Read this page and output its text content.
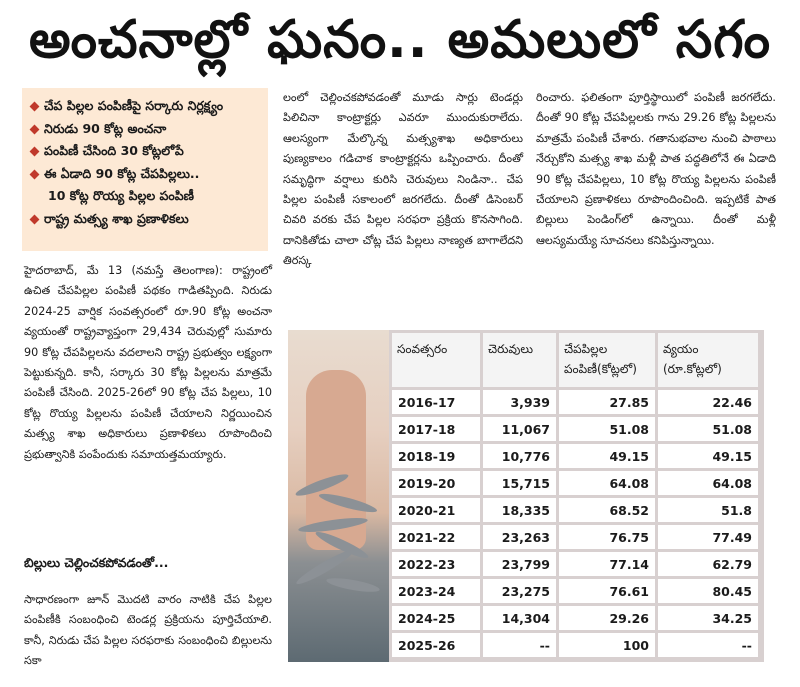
అంచనాల్లో ఘనం.. అమలులో సగం
చేప పిల్లల పంపిణీపై సర్కారు నిర్లక్ష్యం
నిరుడు 90 కోట్ల అంచనా
పంపిణీ చేసింది 30 కోట్లలోపే
ఈ ఏడాది 90 కోట్ల చేపపిల్లలు..
10 కోట్ల రొయ్య పిల్లల పంపిణీ
రాష్ట్ర మత్స్య శాఖ ప్రణాళికలు

హైదరాబాద్, మే 13 (నమస్తే తెలంగాణ): రాష్ట్రంలో ఉచిత చేపపిల్లల పంపిణీ పథకం గాడితప్పింది. నిరుడు 2024-25 వార్షిక సంవత్సరంలో రూ.90 కోట్ల అంచనా వ్యయంతో రాష్ట్రవ్యాప్తంగా 29,434 చెరువుల్లో సుమారు 90 కోట్ల చేపపిల్లలను వదలాలని రాష్ట్ర ప్రభుత్వం లక్ష్యంగా పెట్టుకున్నది. కానీ, సర్కారు 30 కోట్ల పిల్లలను మాత్రమే పంపిణీ చేసింది. 2025-26లో 90 కోట్ల చేప పిల్లలు, 10 కోట్ల రొయ్య పిల్లలను పంపిణీ చేయాలని నిర్ణయించిన మత్స్య శాఖ అధికారులు ప్రణాళికలు రూపొందించి ప్రభుత్వానికి పంపేందుకు సమాయత్తమయ్యారు.

బిల్లులు చెల్లించకపోవడంతో...

సాధారణంగా జూన్ మొదటి వారం నాటికి చేప పిల్లల పంపిణీకి సంబంధించి టెండర్ల ప్రక్రియను పూర్తిచేయాలి. కానీ, నిరుడు చేప పిల్లల సరఫరాకు సంబంధించి బిల్లులను సకా

లంలో చెల్లించకపోవడంతో మూడు సార్లు టెండర్లు పిలిచినా కాంట్రాక్టర్లు ఎవరూ ముందుకురాలేదు. ఆలస్యంగా మేల్కొన్న మత్స్యశాఖ అధికారులు పుణ్యకాలం గడిచాక కాంట్రాక్టర్లను ఒప్పించారు. దీంతో సమృద్ధిగా వర్షాలు కురిసి చెరువులు నిండినా.. చేప పిల్లల పంపిణీ సకాలంలో జరగలేదు. దీంతో డిసెంబర్ చివరి వరకు చేప పిల్లల సరఫరా ప్రక్రియ కొనసాగింది. దానికితోడు చాలా చోట్ల చేప పిల్లలు నాణ్యత బాగాలేదని తిరస్క

రించారు. ఫలితంగా పూర్తిస్థాయిలో పంపిణీ జరగలేదు. దీంతో 90 కోట్ల చేపపిల్లలకు గాను 29.26 కోట్ల పిల్లలను మాత్రమే పంపిణీ చేశారు. గతానుభవాల నుంచి పాఠాలు నేర్చుకోని మత్స్య శాఖ మళ్లీ పాత పద్ధతిలోనే ఈ ఏడాది 90 కోట్ల చేపపిల్లలు, 10 కోట్ల రొయ్య పిల్లలను పంపిణీ చేయాలని ప్రణాళికలు రూపొందించింది. ఇప్పటికే పాత బిల్లులు పెండింగ్‌లో ఉన్నాయి. దీంతో మళ్లీ ఆలస్యమయ్యే సూచనలు కనిపిస్తున్నాయి.

సంవత్సరం	చెరువులు	చేపపిల్లల పంపిణీ(కోట్లలో)	వ్యయం (రూ.కోట్లలో)
2016-17	3,939	27.85	22.46
2017-18	11,067	51.08	51.08
2018-19	10,776	49.15	49.15
2019-20	15,715	64.08	64.08
2020-21	18,335	68.52	51.8
2021-22	23,263	76.75	77.49
2022-23	23,799	77.14	62.79
2023-24	23,275	76.61	80.45
2024-25	14,304	29.26	34.25
2025-26	--	100	--
